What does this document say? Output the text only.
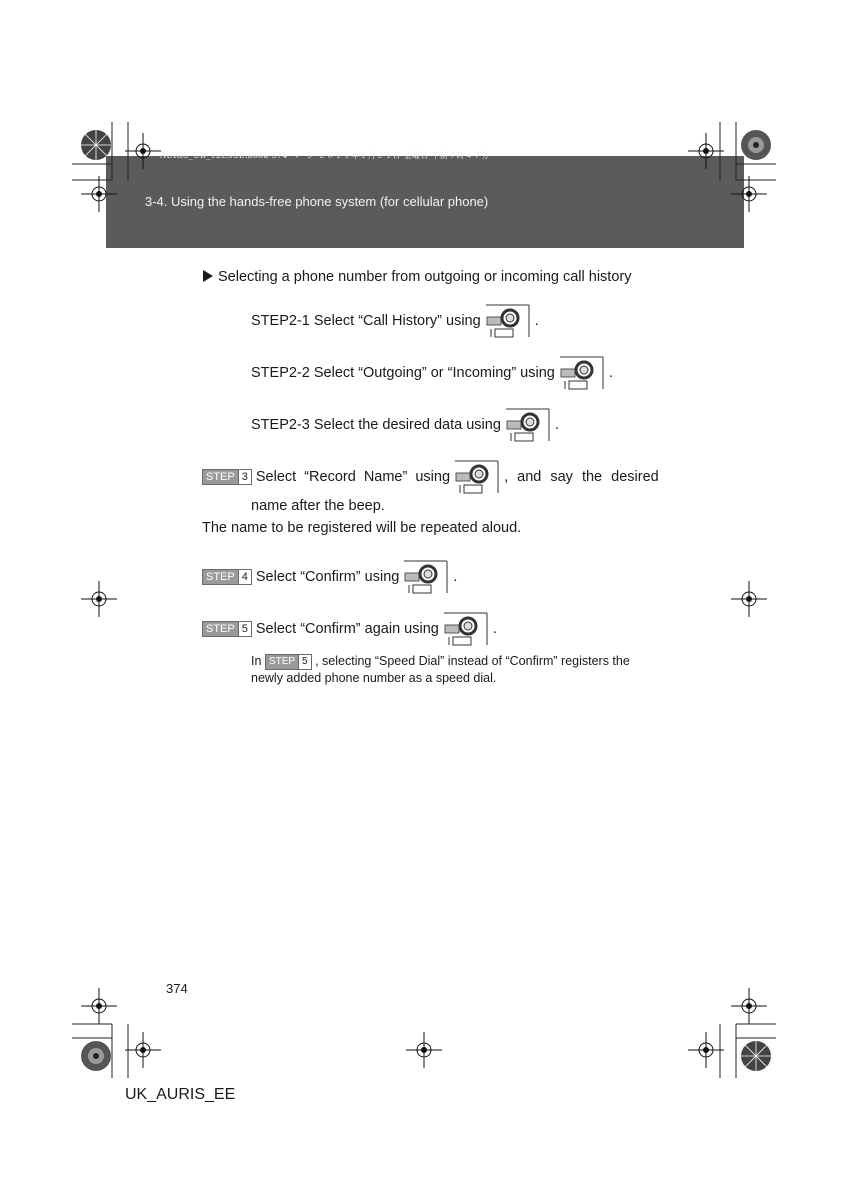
AURIS_UK_12E5SE.book 374 ページ ２０１１年１月２１日 金曜日 午前９時４７分
3-4. Using the hands-free phone system (for cellular phone)
Selecting a phone number from outgoing or incoming call history
STEP2-1 Select “Call History” using	.
STEP2-2 Select “Outgoing” or “Incoming” using	.
STEP2-3 Select the desired data using	.
STEP 3 Select “Record Name” using	, and say the desired
name after the beep.
The name to be registered will be repeated aloud.
STEP 4 Select “Confirm” using	.
STEP 5 Select “Confirm” again using	.
In STEP 5 , selecting “Speed Dial” instead of “Confirm” registers the
newly added phone number as a speed dial.
374
UK_AURIS_EE
